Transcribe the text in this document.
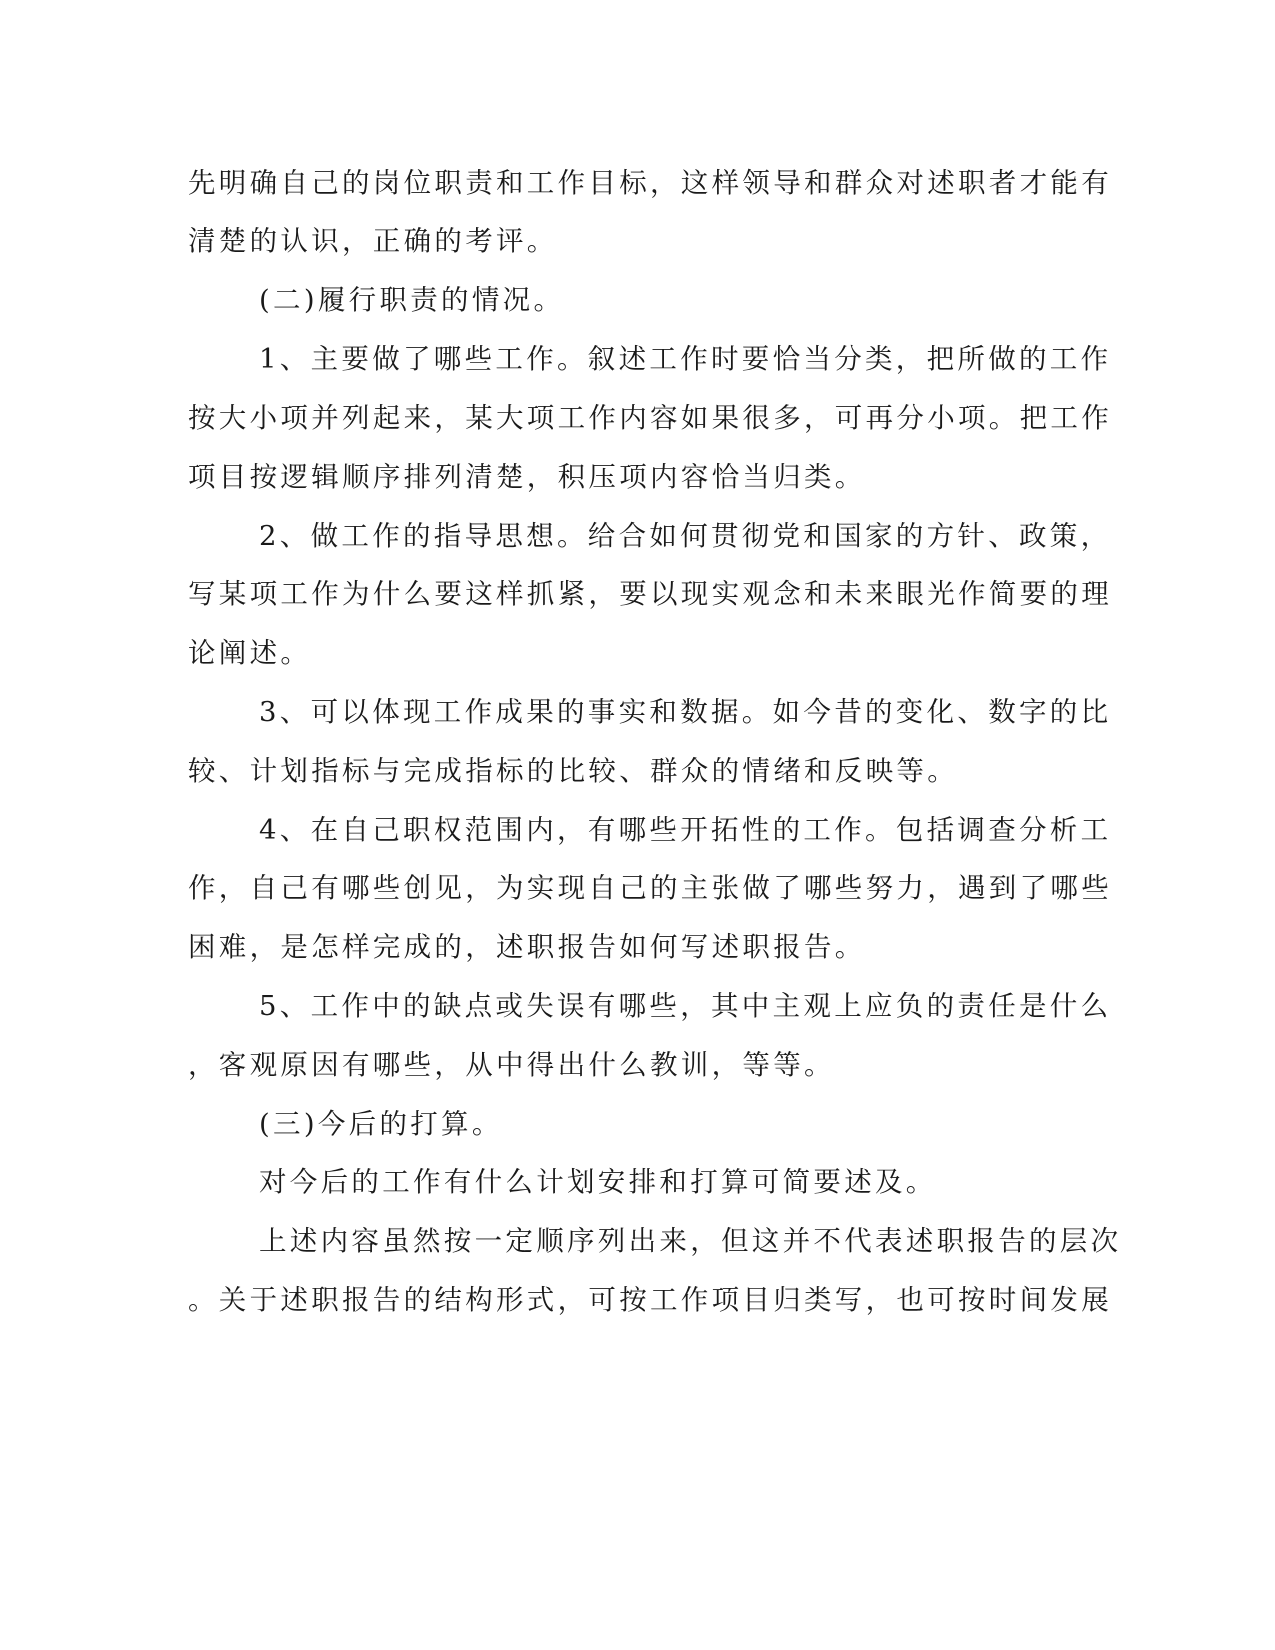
先明确自己的岗位职责和工作目标，这样领导和群众对述职者才能有

清楚的认识，正确的考评。

(二)履行职责的情况。

1、主要做了哪些工作。叙述工作时要恰当分类，把所做的工作

按大小项并列起来，某大项工作内容如果很多，可再分小项。把工作

项目按逻辑顺序排列清楚，积压项内容恰当归类。

2、做工作的指导思想。给合如何贯彻党和国家的方针、政策，

写某项工作为什么要这样抓紧，要以现实观念和未来眼光作简要的理

论阐述。

3、可以体现工作成果的事实和数据。如今昔的变化、数字的比

较、计划指标与完成指标的比较、群众的情绪和反映等。

4、在自己职权范围内，有哪些开拓性的工作。包括调查分析工

作，自己有哪些创见，为实现自己的主张做了哪些努力，遇到了哪些

困难，是怎样完成的，述职报告如何写述职报告。

5、工作中的缺点或失误有哪些，其中主观上应负的责任是什么

，客观原因有哪些，从中得出什么教训，等等。

(三)今后的打算。

对今后的工作有什么计划安排和打算可简要述及。

上述内容虽然按一定顺序列出来，但这并不代表述职报告的层次

。关于述职报告的结构形式，可按工作项目归类写，也可按时间发展
